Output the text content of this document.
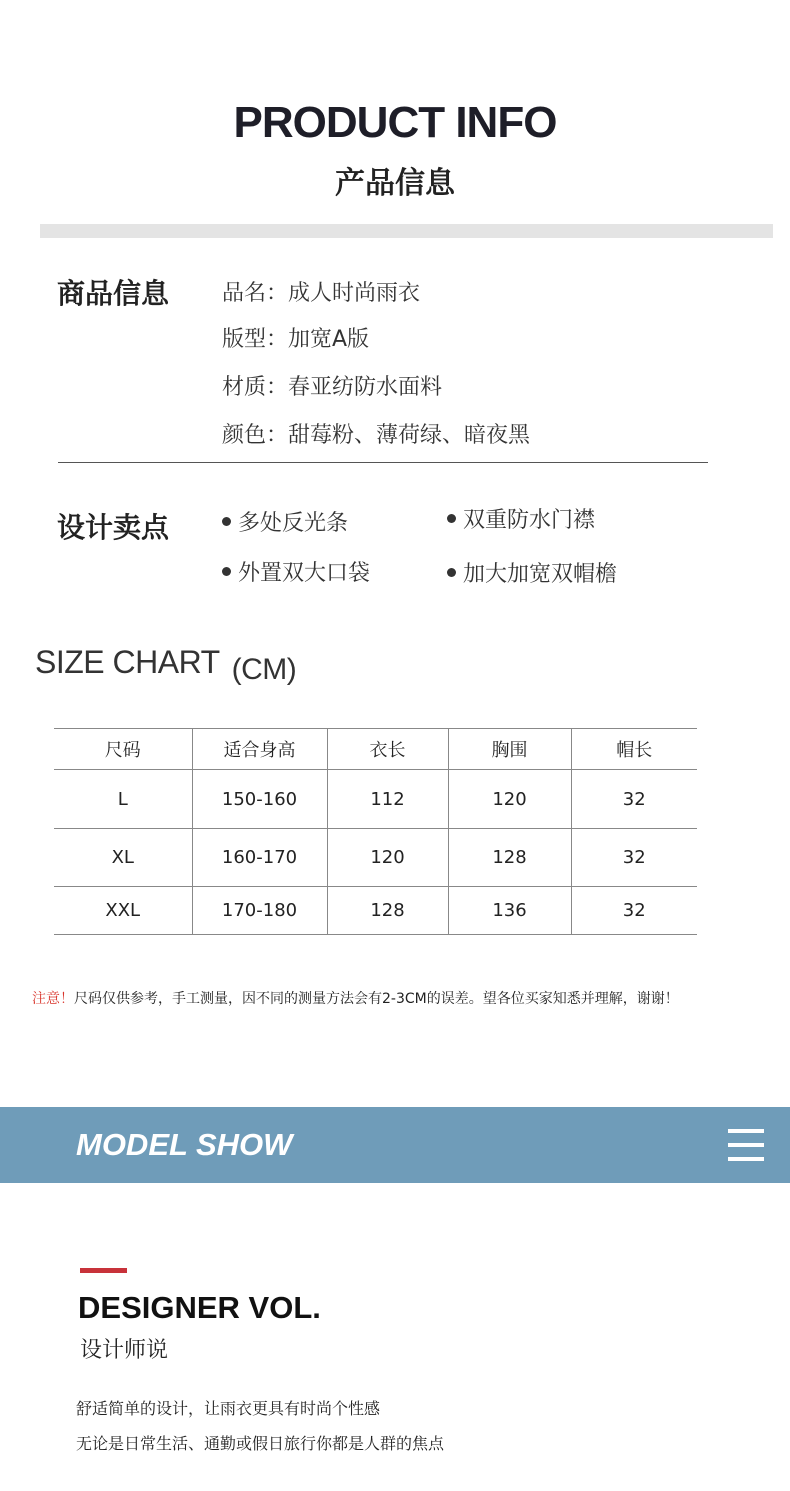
PRODUCT INFO
产品信息
商品信息 品名：成人时尚雨衣
版型：加宽A版
材质：春亚纺防水面料
颜色：甜莓粉、薄荷绿、暗夜黑
设计卖点	多处反光条	双重防水门襟
外置双大口袋	加大加宽双帽檐
SIZE CHART (CM)
尺码	适合身高	衣长	胸围	帽长
L	150-160	112	120	32
XL	160-170	120	128	32
XXL	170-180	128	136	32
注意！尺码仅供参考，手工测量，因不同的测量方法会有2-3CM的误差。望各位买家知悉并理解，谢谢！
MODEL SHOW
DESIGNER VOL.
设计师说
舒适简单的设计，让雨衣更具有时尚个性感
无论是日常生活、通勤或假日旅行你都是人群的焦点
